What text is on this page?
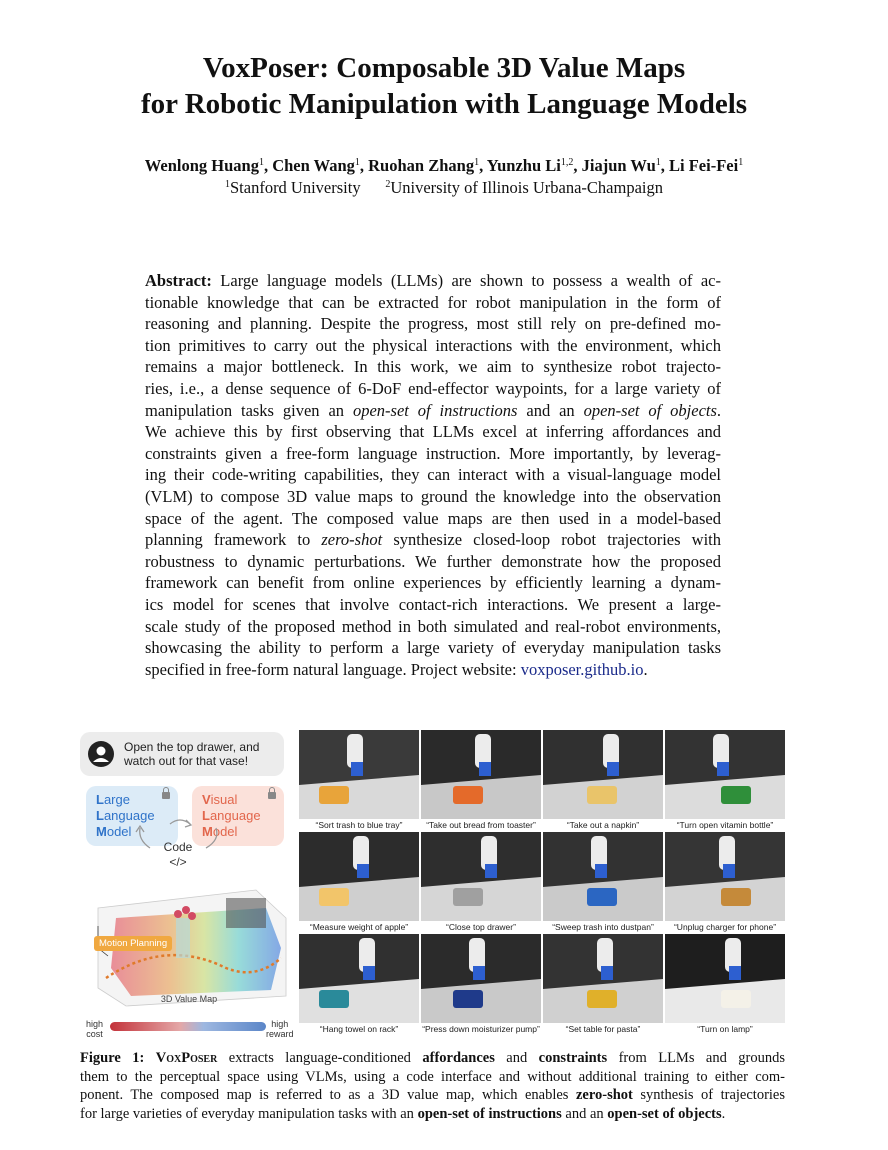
VoxPoser: Composable 3D Value Maps
for Robotic Manipulation with Language Models
Wenlong Huang$^1$, Chen Wang$^1$, Ruohan Zhang$^1$, Yunzhu Li$^{1,2}$, Jiajun Wu$^1$, Li Fei-Fei$^1$
$^1$Stanford University   $^2$University of Illinois Urbana-Champaign
Abstract: Large language models (LLMs) are shown to possess a wealth of ac-
tionable knowledge that can be extracted for robot manipulation in the form of
reasoning and planning. Despite the progress, most still rely on pre-defined mo-
tion primitives to carry out the physical interactions with the environment, which
remains a major bottleneck. In this work, we aim to synthesize robot trajecto-
ries, i.e., a dense sequence of 6-DoF end-effector waypoints, for a large variety of
manipulation tasks given an open-set of instructions and an open-set of objects.
We achieve this by first observing that LLMs excel at inferring affordances and
constraints given a free-form language instruction. More importantly, by leverag-
ing their code-writing capabilities, they can interact with a visual-language model
(VLM) to compose 3D value maps to ground the knowledge into the observation
space of the agent. The composed value maps are then used in a model-based
planning framework to zero-shot synthesize closed-loop robot trajectories with
robustness to dynamic perturbations. We further demonstrate how the proposed
framework can benefit from online experiences by efficiently learning a dynam-
ics model for scenes that involve contact-rich interactions. We present a large-
scale study of the proposed method in both simulated and real-robot environments,
showcasing the ability to perform a large variety of everyday manipulation tasks
specified in free-form natural language. Project website: voxposer.github.io.
Open the top drawer, and
watch out for that vase!
Large
Language
Model
Visual
Language
Model
Code
</>
Motion Planning
3D Value Map
high
cost
high
reward
“Sort trash to blue tray”	“Take out bread from toaster”	“Take out a napkin”	“Turn open vitamin bottle”
“Measure weight of apple”	“Close top drawer”	“Sweep trash into dustpan”	“Unplug charger for phone”
“Hang towel on rack”	“Press down moisturizer pump”	“Set table for pasta”	“Turn on lamp”
Figure 1: VoxPoser extracts language-conditioned affordances and constraints from LLMs and grounds
them to the perceptual space using VLMs, using a code interface and without additional training to either com-
ponent. The composed map is referred to as a 3D value map, which enables zero-shot synthesis of trajectories
for large varieties of everyday manipulation tasks with an open-set of instructions and an open-set of objects.
